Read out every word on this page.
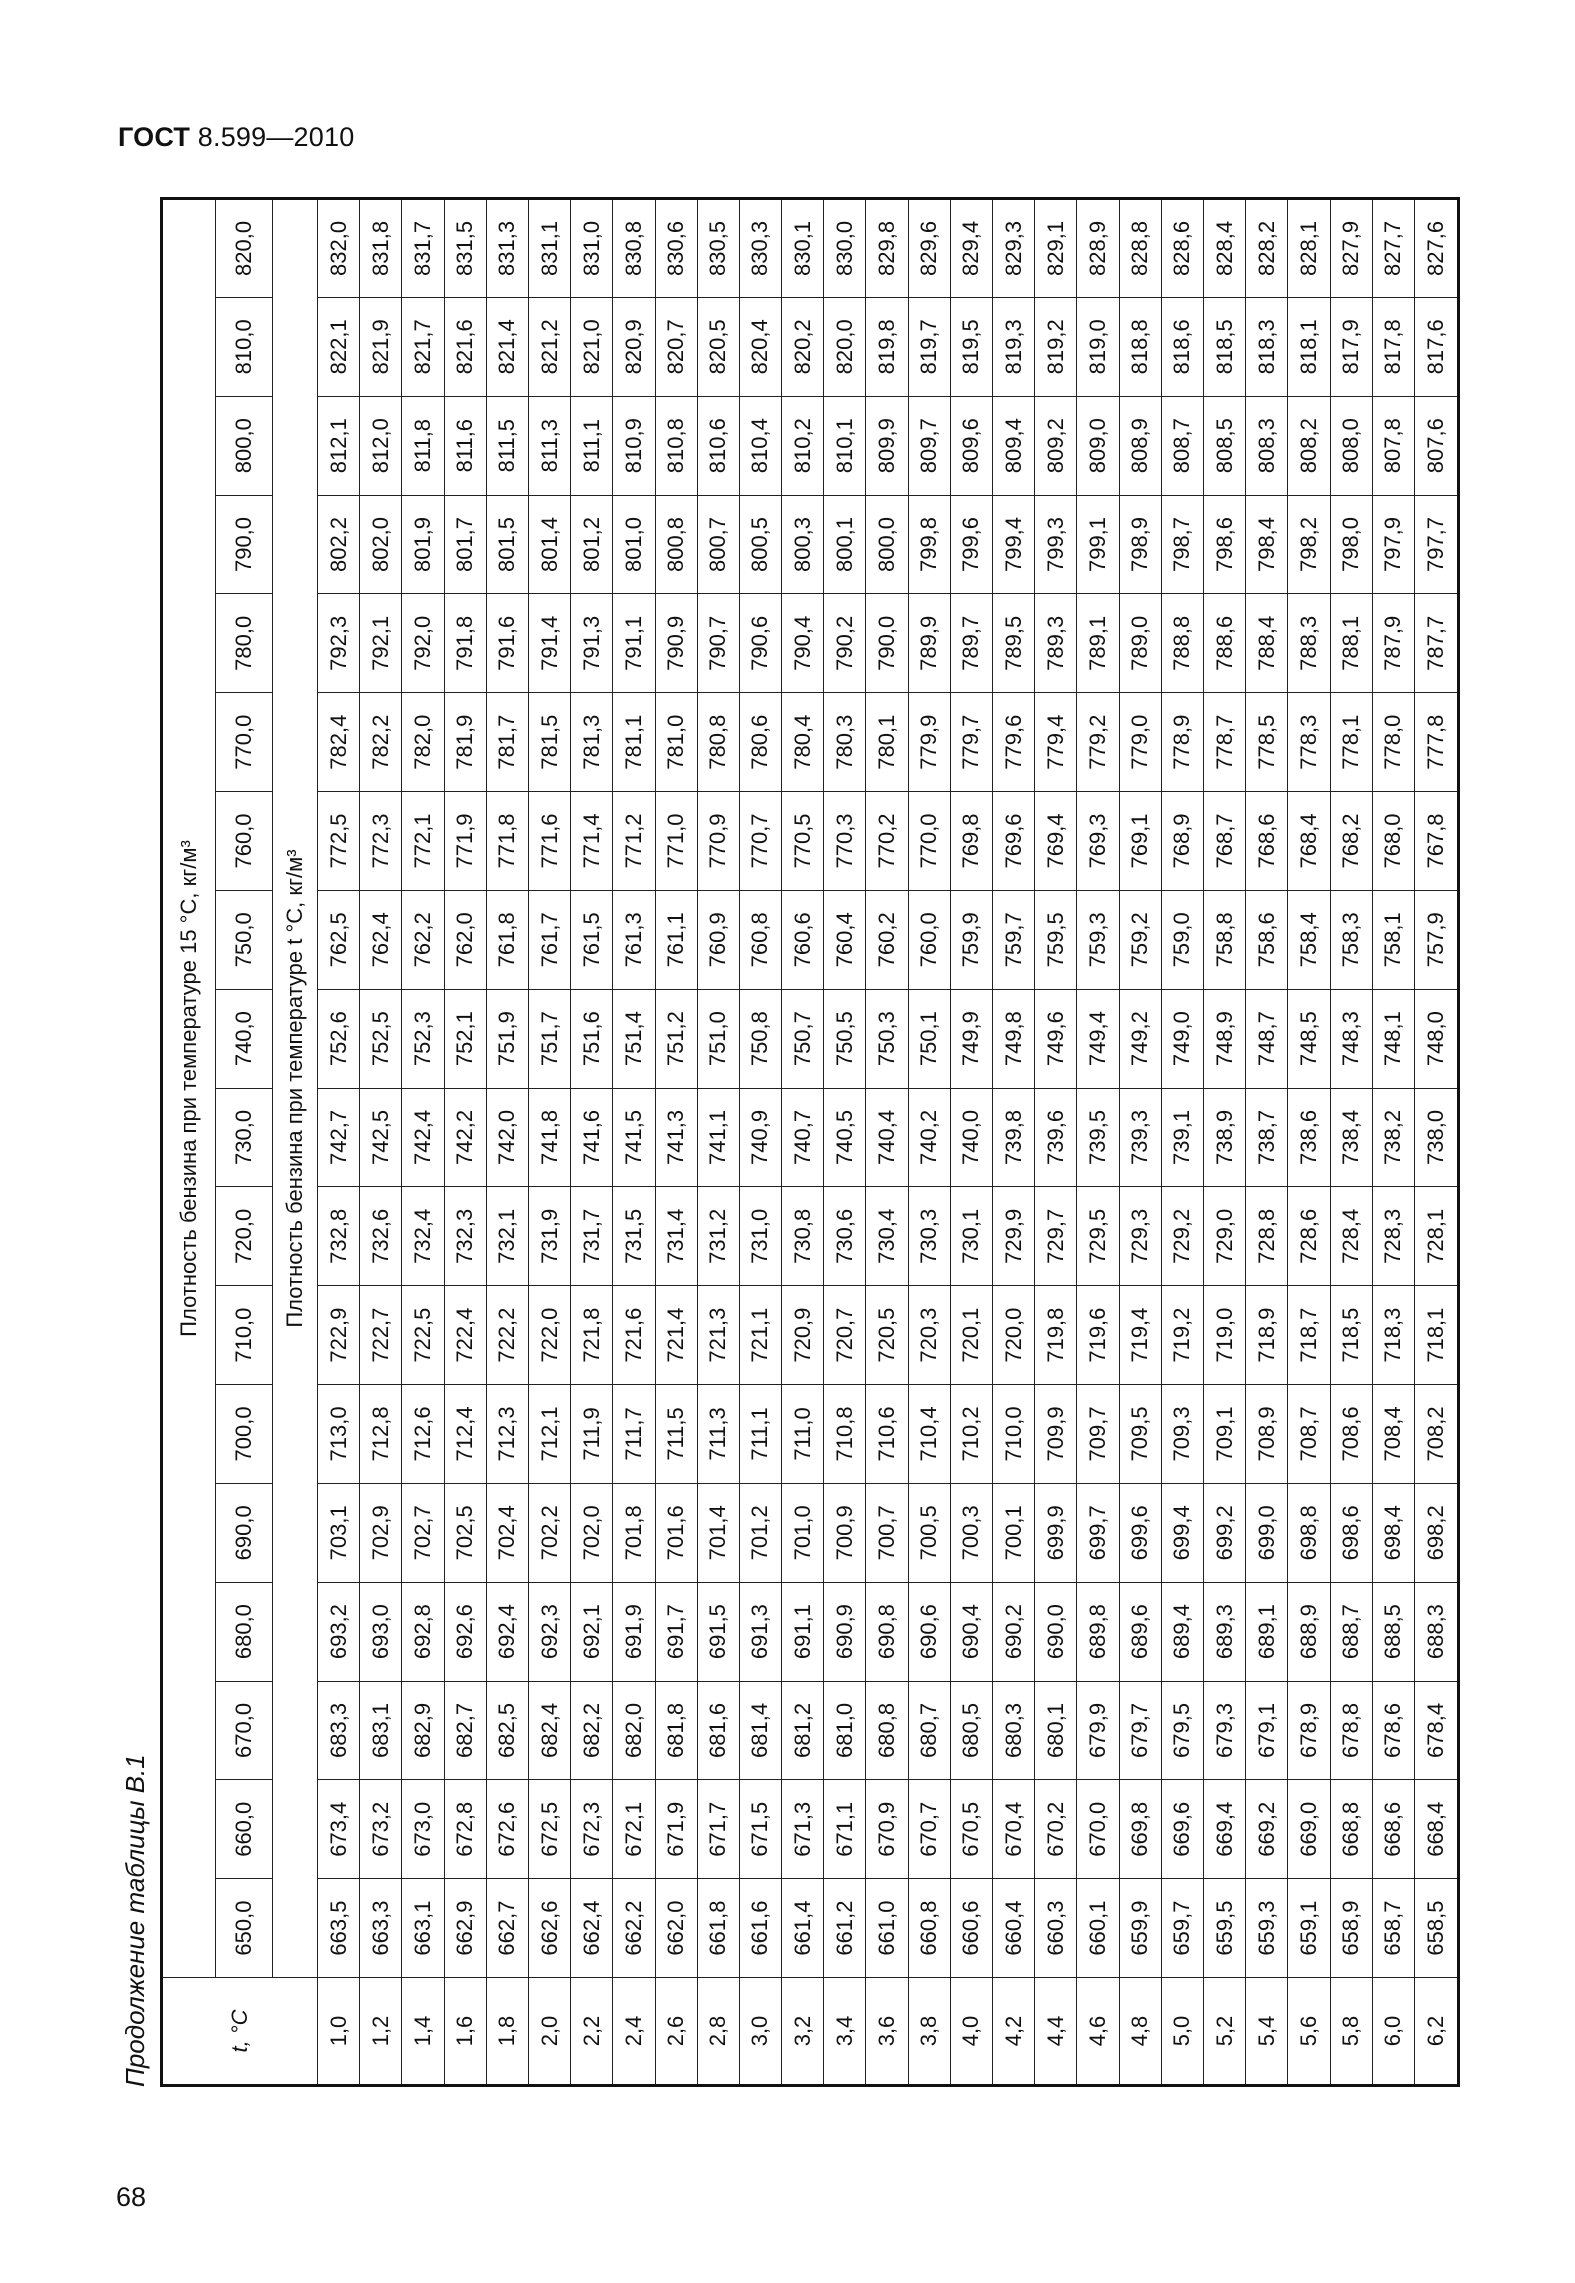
ГОСТ 8.599—2010
68
Продолжение таблицы В.1	t, °С	Плотность бензина при температуре 15 °С, кг/м³																	
	650,0	660,0	670,0	680,0	690,0	700,0	710,0	720,0	730,0	740,0	750,0	760,0	770,0	780,0	790,0	800,0	810,0	820,0
	Плотность бензина при температуре t °С, кг/м³																	
1,0	663,5	673,4	683,3	693,2	703,1	713,0	722,9	732,8	742,7	752,6	762,5	772,5	782,4	792,3	802,2	812,1	822,1	832,0
1,2	663,3	673,2	683,1	693,0	702,9	712,8	722,7	732,6	742,5	752,5	762,4	772,3	782,2	792,1	802,0	812,0	821,9	831,8
1,4	663,1	673,0	682,9	692,8	702,7	712,6	722,5	732,4	742,4	752,3	762,2	772,1	782,0	792,0	801,9	811,8	821,7	831,7
1,6	662,9	672,8	682,7	692,6	702,5	712,4	722,4	732,3	742,2	752,1	762,0	771,9	781,9	791,8	801,7	811,6	821,6	831,5
1,8	662,7	672,6	682,5	692,4	702,4	712,3	722,2	732,1	742,0	751,9	761,8	771,8	781,7	791,6	801,5	811,5	821,4	831,3
2,0	662,6	672,5	682,4	692,3	702,2	712,1	722,0	731,9	741,8	751,7	761,7	771,6	781,5	791,4	801,4	811,3	821,2	831,1
2,2	662,4	672,3	682,2	692,1	702,0	711,9	721,8	731,7	741,6	751,6	761,5	771,4	781,3	791,3	801,2	811,1	821,0	831,0
2,4	662,2	672,1	682,0	691,9	701,8	711,7	721,6	731,5	741,5	751,4	761,3	771,2	781,1	791,1	801,0	810,9	820,9	830,8
2,6	662,0	671,9	681,8	691,7	701,6	711,5	721,4	731,4	741,3	751,2	761,1	771,0	781,0	790,9	800,8	810,8	820,7	830,6
2,8	661,8	671,7	681,6	691,5	701,4	711,3	721,3	731,2	741,1	751,0	760,9	770,9	780,8	790,7	800,7	810,6	820,5	830,5
3,0	661,6	671,5	681,4	691,3	701,2	711,1	721,1	731,0	740,9	750,8	760,8	770,7	780,6	790,6	800,5	810,4	820,4	830,3
3,2	661,4	671,3	681,2	691,1	701,0	711,0	720,9	730,8	740,7	750,7	760,6	770,5	780,4	790,4	800,3	810,2	820,2	830,1
3,4	661,2	671,1	681,0	690,9	700,9	710,8	720,7	730,6	740,5	750,5	760,4	770,3	780,3	790,2	800,1	810,1	820,0	830,0
3,6	661,0	670,9	680,8	690,8	700,7	710,6	720,5	730,4	740,4	750,3	760,2	770,2	780,1	790,0	800,0	809,9	819,8	829,8
3,8	660,8	670,7	680,7	690,6	700,5	710,4	720,3	730,3	740,2	750,1	760,0	770,0	779,9	789,9	799,8	809,7	819,7	829,6
4,0	660,6	670,5	680,5	690,4	700,3	710,2	720,1	730,1	740,0	749,9	759,9	769,8	779,7	789,7	799,6	809,6	819,5	829,4
4,2	660,4	670,4	680,3	690,2	700,1	710,0	720,0	729,9	739,8	749,8	759,7	769,6	779,6	789,5	799,4	809,4	819,3	829,3
4,4	660,3	670,2	680,1	690,0	699,9	709,9	719,8	729,7	739,6	749,6	759,5	769,4	779,4	789,3	799,3	809,2	819,2	829,1
4,6	660,1	670,0	679,9	689,8	699,7	709,7	719,6	729,5	739,5	749,4	759,3	769,3	779,2	789,1	799,1	809,0	819,0	828,9
4,8	659,9	669,8	679,7	689,6	699,6	709,5	719,4	729,3	739,3	749,2	759,2	769,1	779,0	789,0	798,9	808,9	818,8	828,8
5,0	659,7	669,6	679,5	689,4	699,4	709,3	719,2	729,2	739,1	749,0	759,0	768,9	778,9	788,8	798,7	808,7	818,6	828,6
5,2	659,5	669,4	679,3	689,3	699,2	709,1	719,0	729,0	738,9	748,9	758,8	768,7	778,7	788,6	798,6	808,5	818,5	828,4
5,4	659,3	669,2	679,1	689,1	699,0	708,9	718,9	728,8	738,7	748,7	758,6	768,6	778,5	788,4	798,4	808,3	818,3	828,2
5,6	659,1	669,0	678,9	688,9	698,8	708,7	718,7	728,6	738,6	748,5	758,4	768,4	778,3	788,3	798,2	808,2	818,1	828,1
5,8	658,9	668,8	678,8	688,7	698,6	708,6	718,5	728,4	738,4	748,3	758,3	768,2	778,1	788,1	798,0	808,0	817,9	827,9
6,0	658,7	668,6	678,6	688,5	698,4	708,4	718,3	728,3	738,2	748,1	758,1	768,0	778,0	787,9	797,9	807,8	817,8	827,7
6,2	658,5	668,4	678,4	688,3	698,2	708,2	718,1	728,1	738,0	748,0	757,9	767,8	777,8	787,7	797,7	807,6	817,6	827,6
